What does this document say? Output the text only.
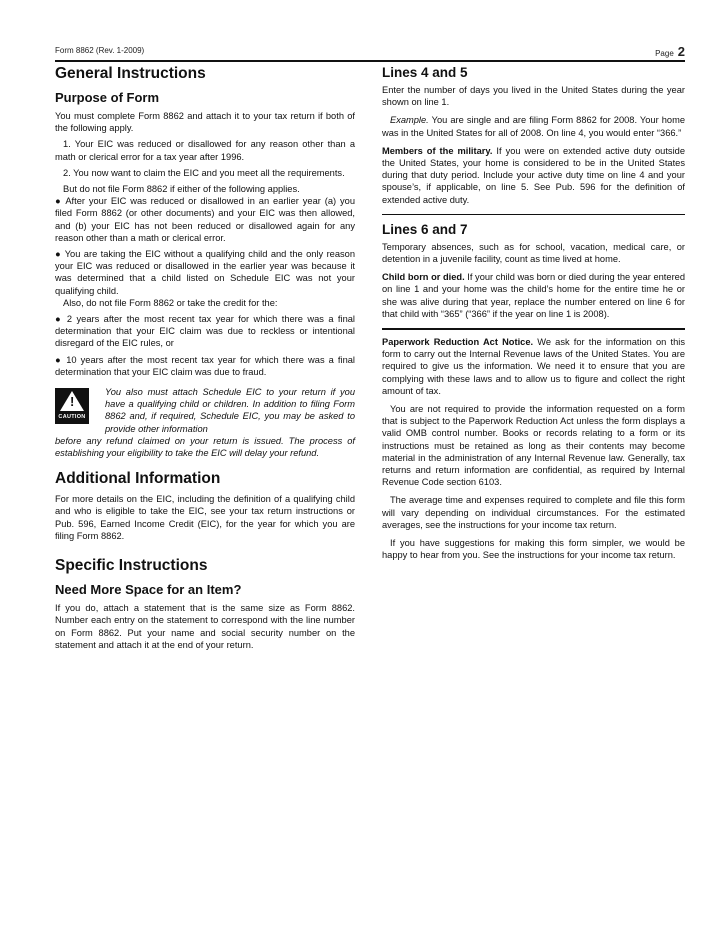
Form 8862 (Rev. 1-2009)	Page 2
General Instructions
Purpose of Form

You must complete Form 8862 and attach it to your tax return if both of the following apply.

1. Your EIC was reduced or disallowed for any reason other than a math or clerical error for a tax year after 1996.

2. You now want to claim the EIC and you meet all the requirements.

But do not file Form 8862 if either of the following applies.

● After your EIC was reduced or disallowed in an earlier year (a) you filed Form 8862 (or other documents) and your EIC was then allowed, and (b) your EIC has not been reduced or disallowed again for any reason other than a math or clerical error.

● You are taking the EIC without a qualifying child and the only reason your EIC was reduced or disallowed in the earlier year was because it was determined that a child listed on Schedule EIC was not your qualifying child.

Also, do not file Form 8862 or take the credit for the:

● 2 years after the most recent tax year for which there was a final determination that your EIC claim was due to reckless or intentional disregard of the EIC rules, or

● 10 years after the most recent tax year for which there was a final determination that your EIC claim was due to fraud.

!
CAUTION

You also must attach Schedule EIC to your return if you have a qualifying child or children. In addition to filing Form 8862 and, if required, Schedule EIC, you may be asked to provide other information

before any refund claimed on your return is issued. The process of establishing your eligibility to take the EIC will delay your refund.

Additional Information

For more details on the EIC, including the definition of a qualifying child and who is eligible to take the EIC, see your tax return instructions or Pub. 596, Earned Income Credit (EIC), for the year for which you are filing Form 8862.

Specific Instructions
Need More Space for an Item?

If you do, attach a statement that is the same size as Form 8862. Number each entry on the statement to correspond with the line number on Form 8862. Put your name and social security number on the statement and attach it at the end of your return.

Lines 4 and 5

Enter the number of days you lived in the United States during the year shown on line 1.

Example. You are single and are filing Form 8862 for 2008. Your home was in the United States for all of 2008. On line 4, you would enter “366.”

Members of the military. If you were on extended active duty outside the United States, your home is considered to be in the United States during that duty period. Include your active duty time on line 4 and your spouse’s, if applicable, on line 5. See Pub. 596 for the definition of extended active duty.

Lines 6 and 7

Temporary absences, such as for school, vacation, medical care, or detention in a juvenile facility, count as time lived at home.

Child born or died. If your child was born or died during the year entered on line 1 and your home was the child’s home for the entire time he or she was alive during that year, replace the number entered on line 6 for that child with “365” (“366” if the year on line 1 is 2008).

Paperwork Reduction Act Notice. We ask for the information on this form to carry out the Internal Revenue laws of the United States. You are required to give us the information. We need it to ensure that you are complying with these laws and to allow us to figure and collect the right amount of tax.

You are not required to provide the information requested on a form that is subject to the Paperwork Reduction Act unless the form displays a valid OMB control number. Books or records relating to a form or its instructions must be retained as long as their contents may become material in the administration of any Internal Revenue law. Generally, tax returns and return information are confidential, as required by Internal Revenue Code section 6103.

The average time and expenses required to complete and file this form will vary depending on individual circumstances. For the estimated averages, see the instructions for your income tax return.

If you have suggestions for making this form simpler, we would be happy to hear from you. See the instructions for your income tax return.
